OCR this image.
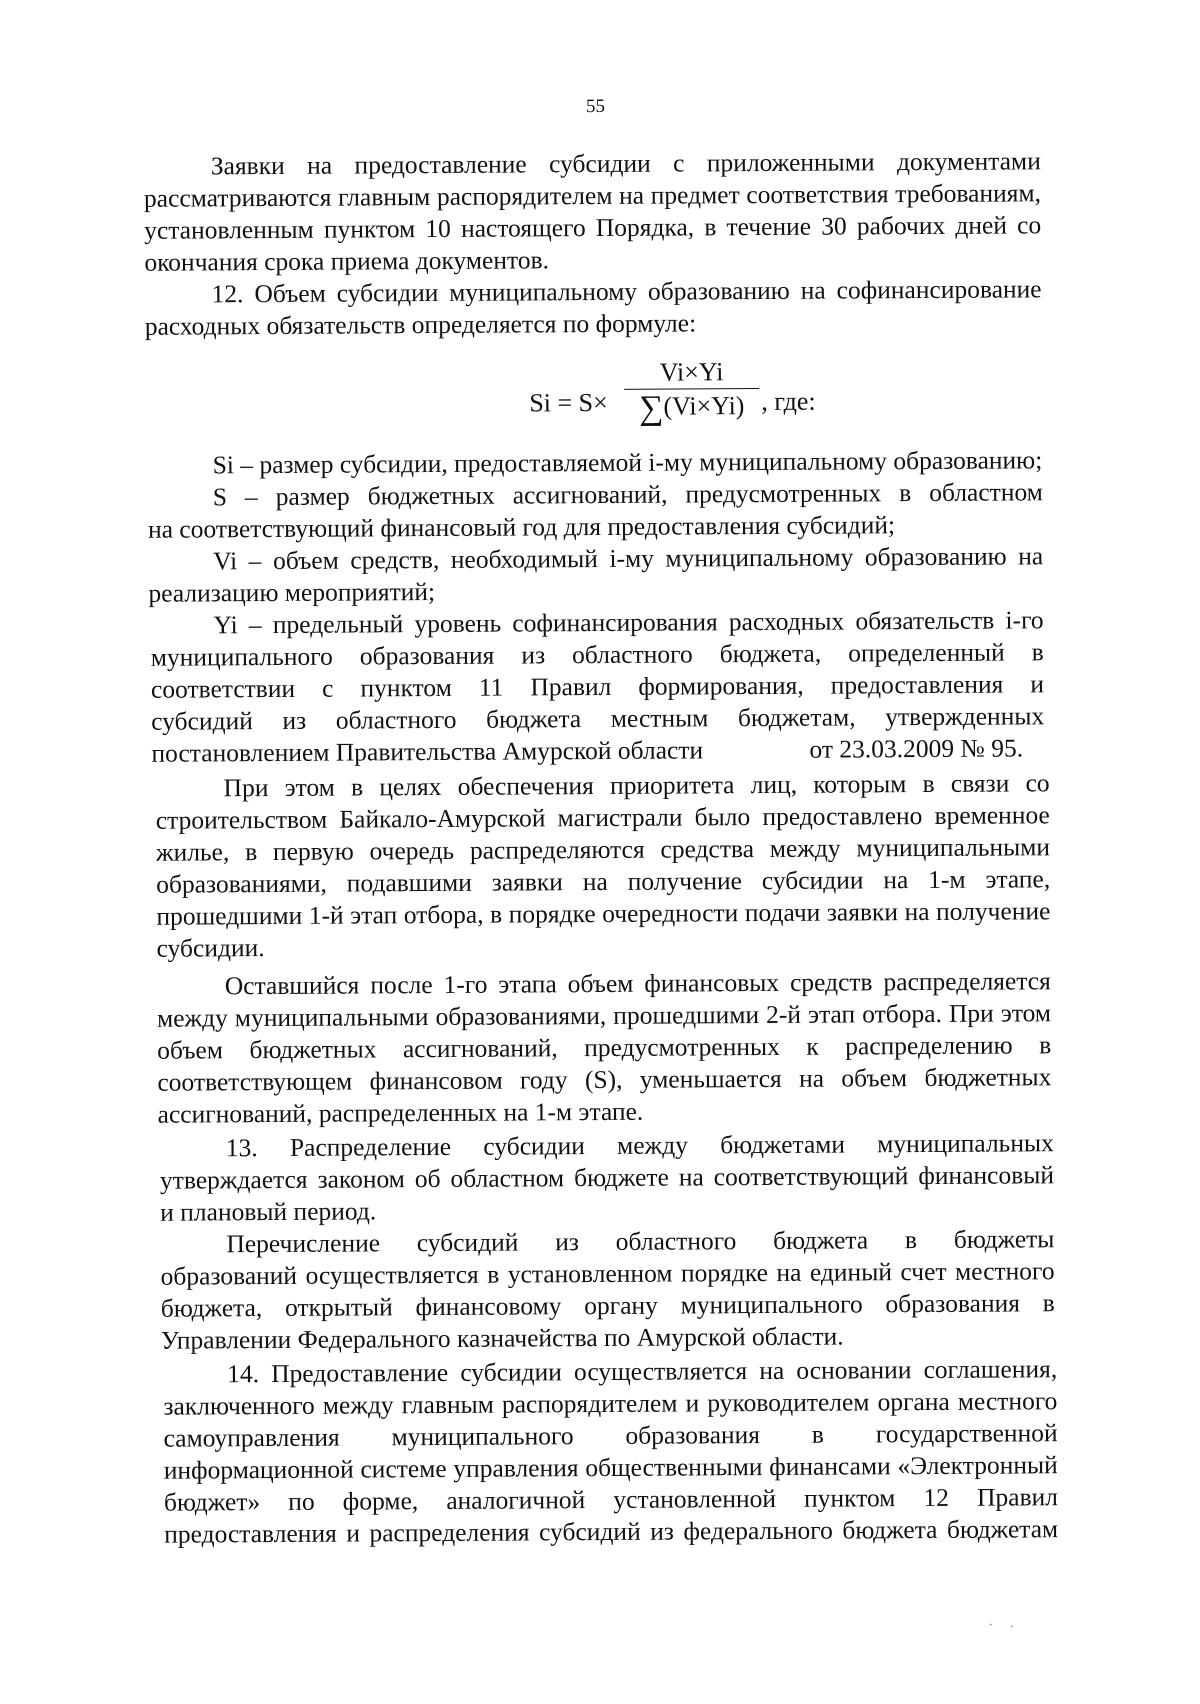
55
Заявки на предоставление субсидии с приложенными документами
рассматриваются главным распорядителем на предмет соответствия требованиям,
установленным пунктом 10 настоящего Порядка, в течение 30 рабочих дней со
окончания срока приема документов.
12. Объем субсидии муниципальному образованию на софинансирование
расходных обязательств определяется по формуле:
Si = S×
Vi×Yi
∑(Vi×Yi) , где:
Si – размер субсидии, предоставляемой i-му муниципальному образованию;
S – размер бюджетных ассигнований, предусмотренных в областном
на соответствующий финансовый год для предоставления субсидий;
Vi – объем средств, необходимый i-му муниципальному образованию на
реализацию мероприятий;
Yi – предельный уровень софинансирования расходных обязательств i-го
муниципального образования из областного бюджета, определенный в
соответствии с пунктом 11 Правил формирования, предоставления и
субсидий из областного бюджета местным бюджетам, утвержденных
постановлением Правительства Амурской области	от 23.03.2009 № 95.
При этом в целях обеспечения приоритета лиц, которым в связи со
строительством Байкало-Амурской магистрали было предоставлено временное
жилье, в первую очередь распределяются средства между муниципальными
образованиями, подавшими заявки на получение субсидии на 1-м этапе,
прошедшими 1-й этап отбора, в порядке очередности подачи заявки на получение
субсидии.
Оставшийся после 1-го этапа объем финансовых средств распределяется
между муниципальными образованиями, прошедшими 2-й этап отбора. При этом
объем бюджетных ассигнований, предусмотренных к распределению в
соответствующем финансовом году (S), уменьшается на объем бюджетных
ассигнований, распределенных на 1-м этапе.
13. Распределение субсидии между бюджетами муниципальных
утверждается законом об областном бюджете на соответствующий финансовый
и плановый период.
Перечисление субсидий из областного бюджета в бюджеты
образований осуществляется в установленном порядке на единый счет местного
бюджета, открытый финансовому органу муниципального образования в
Управлении Федерального казначейства по Амурской области.
14. Предоставление субсидии осуществляется на основании соглашения,
заключенного между главным распорядителем и руководителем органа местного
самоуправления муниципального образования в государственной
информационной системе управления общественными финансами «Электронный
бюджет» по форме, аналогичной установленной пунктом 12 Правил
предоставления и распределения субсидий из федерального бюджета бюджетам
